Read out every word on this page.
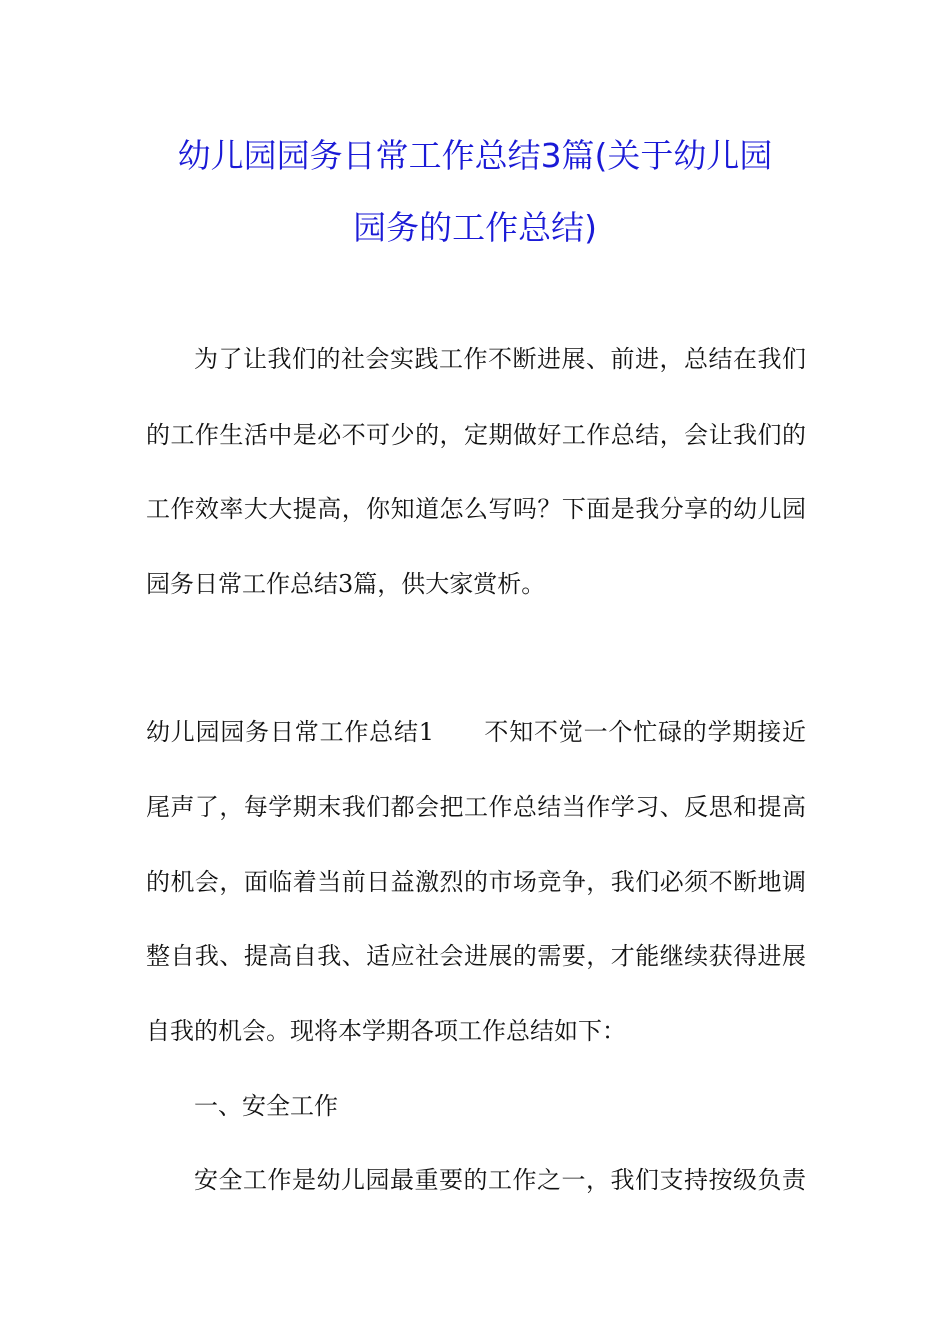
幼儿园园务日常工作总结3篇(关于幼儿园
园务的工作总结)
为了让我们的社会实践工作不断进展、前进，总结在我们
的工作生活中是必不可少的，定期做好工作总结，会让我们的
工作效率大大提高，你知道怎么写吗？下面是我分享的幼儿园
园务日常工作总结3篇，供大家赏析。
幼儿园园务日常工作总结1　　不知不觉一个忙碌的学期接近
尾声了，每学期末我们都会把工作总结当作学习、反思和提高
的机会，面临着当前日益激烈的市场竞争，我们必须不断地调
整自我、提高自我、适应社会进展的需要，才能继续获得进展
自我的机会。现将本学期各项工作总结如下：
一、安全工作
安全工作是幼儿园最重要的工作之一，我们支持按级负责
